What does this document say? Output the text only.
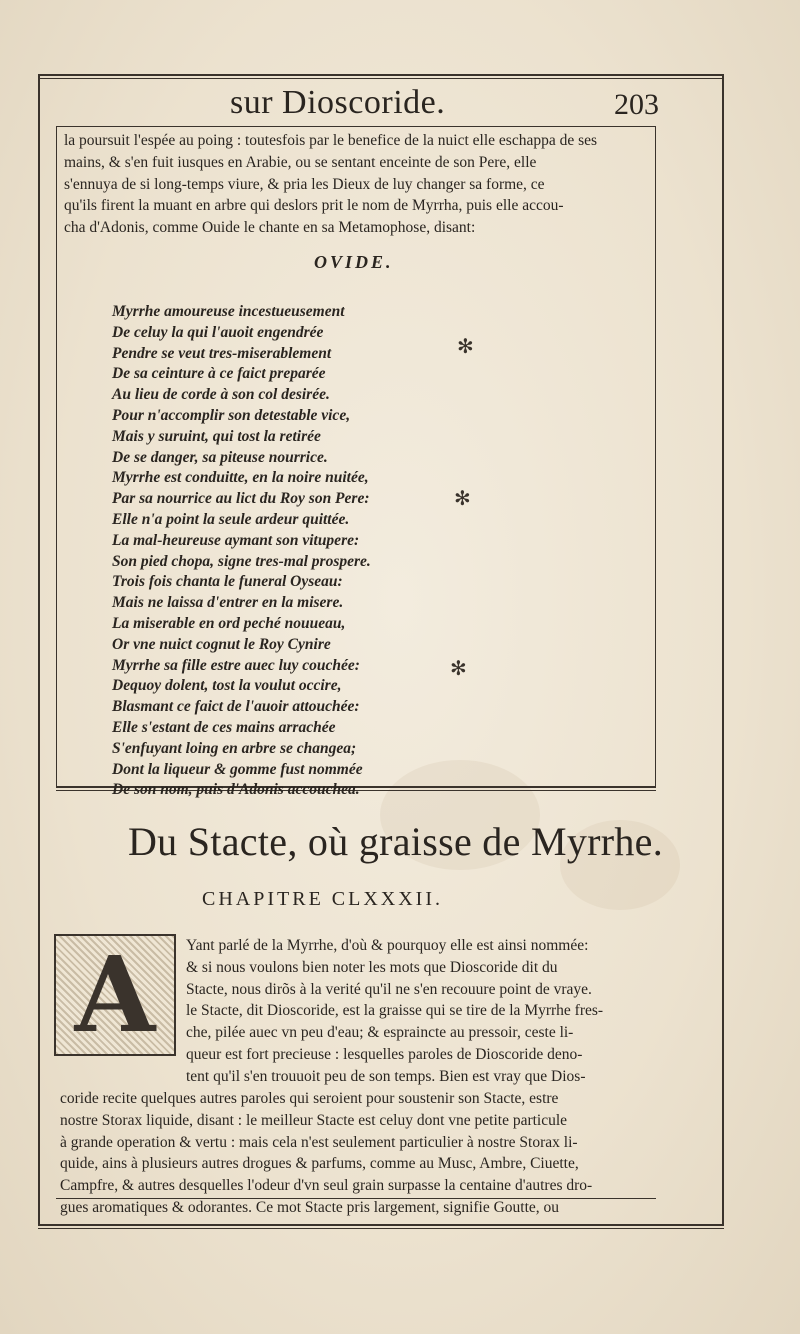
sur Dioscoride.	203
la poursuit l'espée au poing : toutesfois par le benefice de la nuict elle eschappa de ses
mains, & s'en fuit iusques en Arabie, ou se sentant enceinte de son Pere, elle
s'ennuya de si long-temps viure, & pria les Dieux de luy changer sa forme, ce
qu'ils firent la muant en arbre qui deslors prit le nom de Myrrha, puis elle accou-
cha d'Adonis, comme Ouide le chante en sa Metamophose, disant:
OVIDE.
Myrrhe amoureuse incestueusement
De celuy la qui l'auoit engendrée
Pendre se veut tres-miserablement
De sa ceinture à ce faict preparée
Au lieu de corde à son col desirée.
Pour n'accomplir son detestable vice,
Mais y suruint, qui tost la retirée
De se danger, sa piteuse nourrice.
Myrrhe est conduitte, en la noire nuitée,
Par sa nourrice au lict du Roy son Pere:
Elle n'a point la seule ardeur quittée.
La mal-heureuse aymant son vitupere:
Son pied chopa, signe tres-mal prospere.
Trois fois chanta le funeral Oyseau:
Mais ne laissa d'entrer en la misere.
La miserable en ord peché nouueau,
Or vne nuict cognut le Roy Cynire
Myrrhe sa fille estre auec luy couchée:
Dequoy dolent, tost la voulut occire,
Blasmant ce faict de l'auoir attouchée:
Elle s'estant de ces mains arrachée
S'enfuyant loing en arbre se changea;
Dont la liqueur & gomme fust nommée
De son nom, puis d'Adonis accouchea.
✻
✻
✻
Du Stacte, où graisse de Myrrhe.
CHAPITRE CLXXXII.
A	Yant parlé de la Myrrhe, d'où & pourquoy elle est ainsi nommée:
& si nous voulons bien noter les mots que Dioscoride dit du
Stacte, nous dirõs à la verité qu'il ne s'en recouure point de vraye.
le Stacte, dit Dioscoride, est la graisse qui se tire de la Myrrhe fres-
che, pilée auec vn peu d'eau; & espraincte au pressoir, ceste li-
queur est fort precieuse : lesquelles paroles de Dioscoride deno-
tent qu'il s'en trouuoit peu de son temps. Bien est vray que Dios-
coride recite quelques autres paroles qui seroient pour soustenir son Stacte, estre
nostre Storax liquide, disant : le meilleur Stacte est celuy dont vne petite particule
à grande operation & vertu : mais cela n'est seulement particulier à nostre Storax li-
quide, ains à plusieurs autres drogues & parfums, comme au Musc, Ambre, Ciuette,
Campfre, & autres desquelles l'odeur d'vn seul grain surpasse la centaine d'autres dro-
gues aromatiques & odorantes. Ce mot Stacte pris largement, signifie Goutte, ou
